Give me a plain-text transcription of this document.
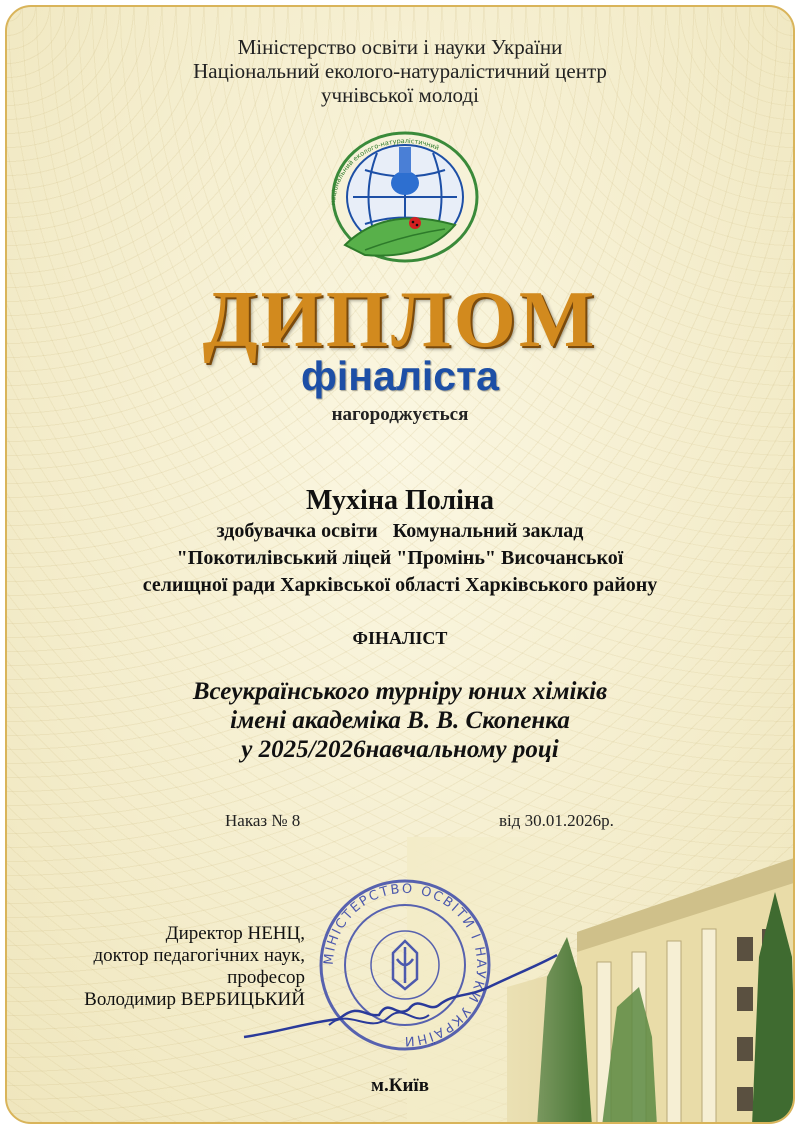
Міністерство освіти і науки України
Національний еколого-натуралістичний центр
учнівської молоді
національний еколого-натуралістичний
ДИПЛОМ
фіналіста
нагороджується
Мухіна Поліна
здобувачка освіти   Комунальний заклад
"Покотилівський ліцей "Промінь" Височанської
селищної ради Харківської області Харківського району
ФІНАЛІСТ
Всеукраїнського турніру юних хіміків
імені академіка В. В. Скопенка
у 2025/2026навчальному році
Наказ № 8	від 30.01.2026р.
МІНІСТЕРСТВО ОСВІТИ І НАУКИ УКРАЇНИ
Директор НЕНЦ,
доктор педагогічних наук,
професор
Володимир ВЕРБИЦЬКИЙ
м.Київ
